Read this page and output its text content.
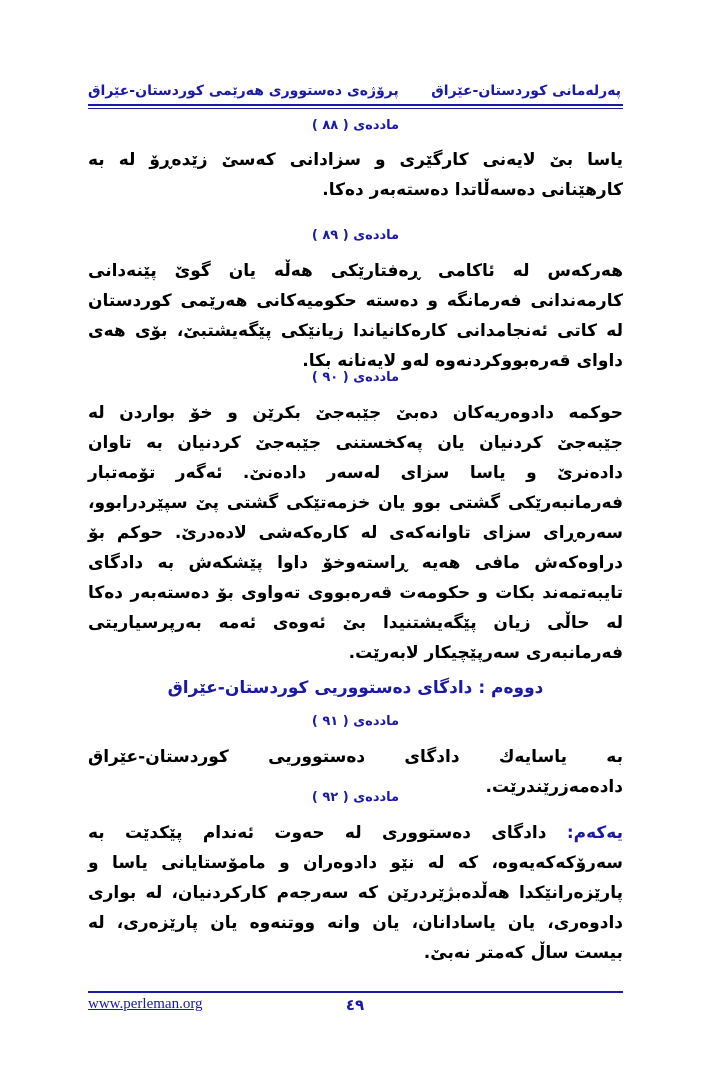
پەرلەمانی کوردستان-عێراق
پرۆژەی دەستووری هەرێمی کوردستان-عێراق
ماددەی ( ٨٨ )
یاسا بێ لایەنی کارگێری و سزادانی کەسێ زێدەڕۆ لە بە کارهێنانی دەسەڵاتدا دەستەبەر دەکا.
ماددەی ( ٨٩ )
هەرکەس لە ئاکامی ڕەفتارێکی هەڵە یان گوێ پێنەدانی کارمەندانی فەرمانگە و دەستە حکومیەکانی هەرێمی کوردستان لە کاتی ئەنجامدانی کارەکانیاندا زیانێکی پێگەیشتبێ، بۆی هەی داوای قەرەبووکردنەوە لەو لایەنانە بکا.
ماددەی ( ٩٠ )
حوکمە دادوەریەکان دەبێ جێبەجێ بکرێن و خۆ بواردن لە جێبەجێ کردنیان یان پەکخستنی جێبەجێ کردنیان بە تاوان دادەنرێ و یاسا سزای لەسەر دادەنێ. ئەگەر تۆمەتبار فەرمانبەرێکی گشتی بوو یان خزمەتێکی گشتی پێ سپێردرابوو، سەرەڕای سزای تاوانەکەی لە کارەکەشی لادەدرێ. حوکم بۆ دراوەکەش مافی هەیە ڕاستەوخۆ داوا پێشکەش بە دادگای تایبەتمەند بکات و حکومەت قەرەبووی تەواوی بۆ دەستەبەر دەکا لە حاڵی زیان پێگەیشتنیدا بێ ئەوەی ئەمە بەرپرسیاریتی فەرمانبەری سەرپێچیکار لابەرێت.
دووەم : دادگای دەستووریی کوردستان-عێراق
ماددەی ( ٩١ )
بە یاسایەك دادگای دەستووریی کوردستان-عێراق دادەمەزرێندرێت.
ماددەی ( ٩٢ )
یەکەم: دادگای دەستووری لە حەوت ئەندام پێکدێت بە سەرۆکەکەیەوە، کە لە نێو دادوەران و مامۆستایانی یاسا و پارێزەرانێکدا هەڵدەبژێردرێن کە سەرجەم کارکردنیان، لە بواری دادوەری، یان یاسادانان، یان وانە ووتنەوە یان پارێزەری، لە بیست ساڵ کەمتر نەبێ.
www.perleman.org	٤٩
